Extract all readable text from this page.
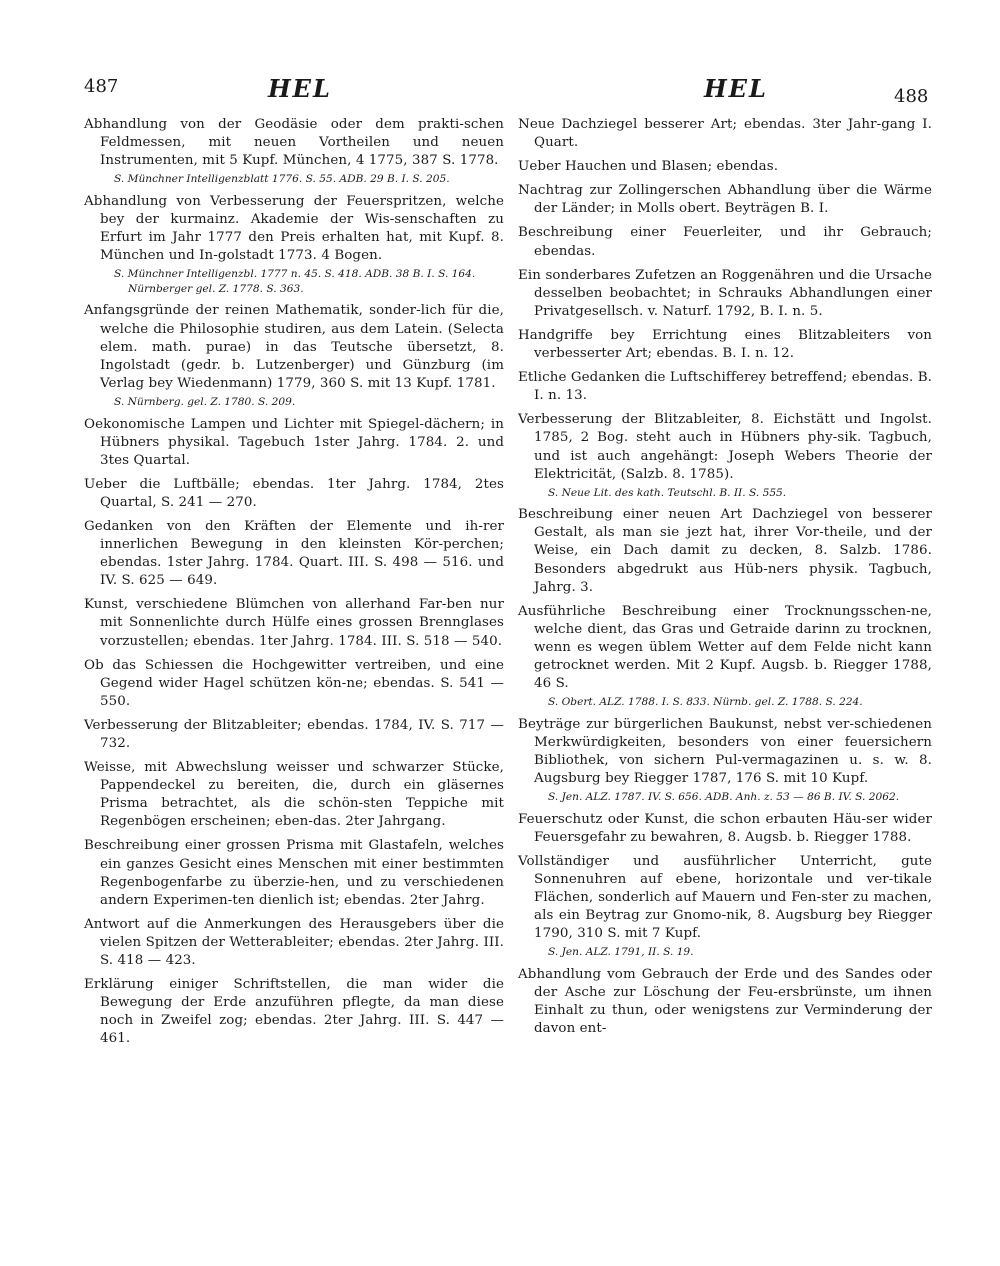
487	HEL	HEL	488

Abhandlung von der Geodäsie oder dem prakti-schen Feldmessen, mit neuen Vortheilen und neuen Instrumenten, mit 5 Kupf. München, 4 1775, 387 S. 1778.

S. Münchner Intelligenzblatt 1776. S. 55. ADB. 29 B. I. S. 205.

Abhandlung von Verbesserung der Feuerspritzen, welche bey der kurmainz. Akademie der Wis-senschaften zu Erfurt im Jahr 1777 den Preis erhalten hat, mit Kupf. 8. München und In-golstadt 1773. 4 Bogen.

S. Münchner Intelligenzbl. 1777 n. 45. S. 418. ADB. 38 B. I. S. 164. Nürnberger gel. Z. 1778. S. 363.

Anfangsgründe der reinen Mathematik, sonder-lich für die, welche die Philosophie studiren, aus dem Latein. (Selecta elem. math. purae) in das Teutsche übersetzt, 8. Ingolstadt (gedr. b. Lutzenberger) und Günzburg (im Verlag bey Wiedenmann) 1779, 360 S. mit 13 Kupf. 1781.

S. Nürnberg. gel. Z. 1780. S. 209.

Oekonomische Lampen und Lichter mit Spiegel-dächern; in Hübners physikal. Tagebuch 1ster Jahrg. 1784. 2. und 3tes Quartal.

Ueber die Luftbälle; ebendas. 1ter Jahrg. 1784, 2tes Quartal, S. 241 — 270.

Gedanken von den Kräften der Elemente und ih-rer innerlichen Bewegung in den kleinsten Kör-perchen; ebendas. 1ster Jahrg. 1784. Quart. III. S. 498 — 516. und IV. S. 625 — 649.

Kunst, verschiedene Blümchen von allerhand Far-ben nur mit Sonnenlichte durch Hülfe eines grossen Brennglases vorzustellen; ebendas. 1ter Jahrg. 1784. III. S. 518 — 540.

Ob das Schiessen die Hochgewitter vertreiben, und eine Gegend wider Hagel schützen kön-ne; ebendas. S. 541 — 550.

Verbesserung der Blitzableiter; ebendas. 1784, IV. S. 717 — 732.

Weisse, mit Abwechslung weisser und schwarzer Stücke, Pappendeckel zu bereiten, die, durch ein gläsernes Prisma betrachtet, als die schön-sten Teppiche mit Regenbögen erscheinen; eben-das. 2ter Jahrgang.

Beschreibung einer grossen Prisma mit Glastafeln, welches ein ganzes Gesicht eines Menschen mit einer bestimmten Regenbogenfarbe zu überzie-hen, und zu verschiedenen andern Experimen-ten dienlich ist; ebendas. 2ter Jahrg.

Antwort auf die Anmerkungen des Herausgebers über die vielen Spitzen der Wetterableiter; ebendas. 2ter Jahrg. III. S. 418 — 423.

Erklärung einiger Schriftstellen, die man wider die Bewegung der Erde anzuführen pflegte, da man diese noch in Zweifel zog; ebendas. 2ter Jahrg. III. S. 447 — 461.

Neue Dachziegel besserer Art; ebendas. 3ter Jahr-gang I. Quart.

Ueber Hauchen und Blasen; ebendas.

Nachtrag zur Zollingerschen Abhandlung über die Wärme der Länder; in Molls obert. Beyträgen B. I.

Beschreibung einer Feuerleiter, und ihr Gebrauch; ebendas.

Ein sonderbares Zufetzen an Roggenähren und die Ursache desselben beobachtet; in Schrauks Abhandlungen einer Privatgesellsch. v. Naturf. 1792, B. I. n. 5.

Handgriffe bey Errichtung eines Blitzableiters von verbesserter Art; ebendas. B. I. n. 12.

Etliche Gedanken die Luftschifferey betreffend; ebendas. B. I. n. 13.

Verbesserung der Blitzableiter, 8. Eichstätt und Ingolst. 1785, 2 Bog. steht auch in Hübners phy-sik. Tagbuch, und ist auch angehängt: Joseph Webers Theorie der Elektricität, (Salzb. 8. 1785).

S. Neue Lit. des kath. Teutschl. B. II. S. 555.

Beschreibung einer neuen Art Dachziegel von besserer Gestalt, als man sie jezt hat, ihrer Vor-theile, und der Weise, ein Dach damit zu decken, 8. Salzb. 1786. Besonders abgedrukt aus Hüb-ners physik. Tagbuch, Jahrg. 3.

Ausführliche Beschreibung einer Trocknungsschen-ne, welche dient, das Gras und Getraide darinn zu trocknen, wenn es wegen üblem Wetter auf dem Felde nicht kann getrocknet werden. Mit 2 Kupf. Augsb. b. Riegger 1788, 46 S.

S. Obert. ALZ. 1788. I. S. 833. Nürnb. gel. Z. 1788. S. 224.

Beyträge zur bürgerlichen Baukunst, nebst ver-schiedenen Merkwürdigkeiten, besonders von einer feuersichern Bibliothek, von sichern Pul-vermagazinen u. s. w. 8. Augsburg bey Riegger 1787, 176 S. mit 10 Kupf.

S. Jen. ALZ. 1787. IV. S. 656. ADB. Anh. z. 53 — 86 B. IV. S. 2062.

Feuerschutz oder Kunst, die schon erbauten Häu-ser wider Feuersgefahr zu bewahren, 8. Augsb. b. Riegger 1788.

Vollständiger und ausführlicher Unterricht, gute Sonnenuhren auf ebene, horizontale und ver-tikale Flächen, sonderlich auf Mauern und Fen-ster zu machen, als ein Beytrag zur Gnomo-nik, 8. Augsburg bey Riegger 1790, 310 S. mit 7 Kupf.

S. Jen. ALZ. 1791, II. S. 19.

Abhandlung vom Gebrauch der Erde und des Sandes oder der Asche zur Löschung der Feu-ersbrünste, um ihnen Einhalt zu thun, oder wenigstens zur Verminderung der davon ent-
